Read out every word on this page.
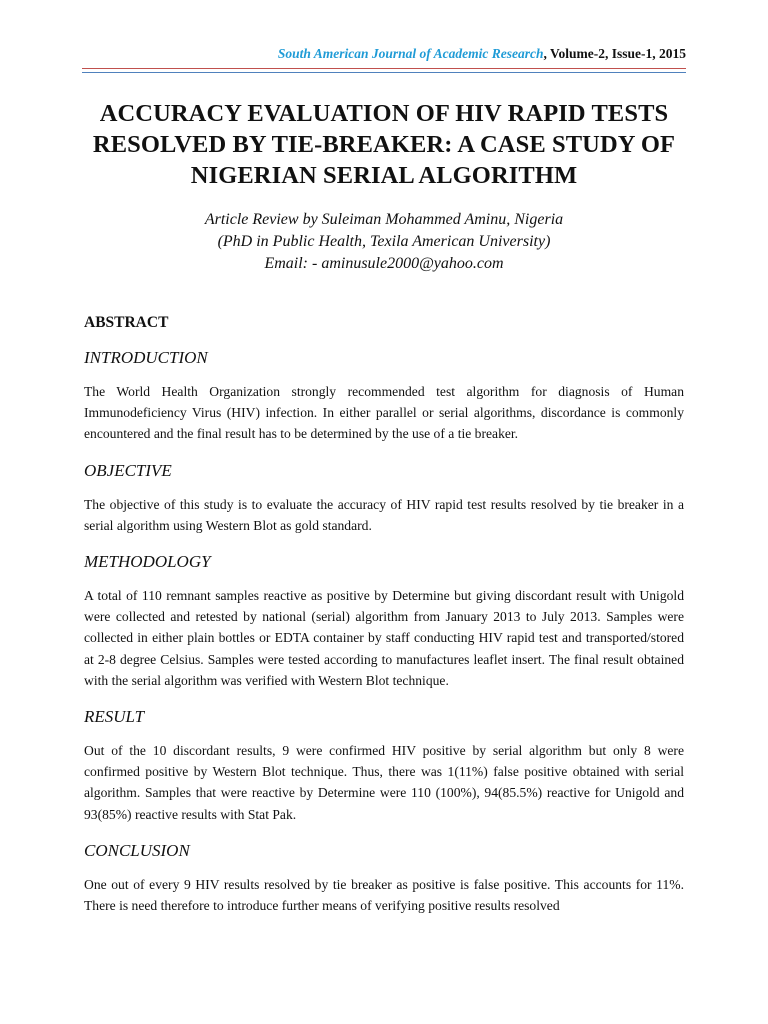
South American Journal of Academic Research, Volume-2, Issue-1, 2015
ACCURACY EVALUATION OF HIV RAPID TESTS
RESOLVED BY TIE-BREAKER: A CASE STUDY OF
NIGERIAN SERIAL ALGORITHM
Article Review by Suleiman Mohammed Aminu, Nigeria
(PhD in Public Health, Texila American University)
Email: - aminusule2000@yahoo.com
ABSTRACT
INTRODUCTION

The World Health Organization strongly recommended test algorithm for diagnosis of Human Immunodeficiency Virus (HIV) infection. In either parallel or serial algorithms, discordance is commonly encountered and the final result has to be determined by the use of a tie breaker.

OBJECTIVE

The objective of this study is to evaluate the accuracy of HIV rapid test results resolved by tie breaker in a serial algorithm using Western Blot as gold standard.

METHODOLOGY

A total of 110 remnant samples reactive as positive by Determine but giving discordant result with Unigold were collected and retested by national (serial) algorithm from January 2013 to July 2013. Samples were collected in either plain bottles or EDTA container by staff conducting HIV rapid test and transported/stored at 2-8 degree Celsius. Samples were tested according to manufactures leaflet insert. The final result obtained with the serial algorithm was verified with Western Blot technique.

RESULT

Out of the 10 discordant results, 9 were confirmed HIV positive by serial algorithm but only 8 were confirmed positive by Western Blot technique. Thus, there was 1(11%) false positive obtained with serial algorithm. Samples that were reactive by Determine were 110 (100%), 94(85.5%) reactive for Unigold and 93(85%) reactive results with Stat Pak.

CONCLUSION

One out of every 9 HIV results resolved by tie breaker as positive is false positive. This accounts for 11%. There is need therefore to introduce further means of verifying positive results resolved
